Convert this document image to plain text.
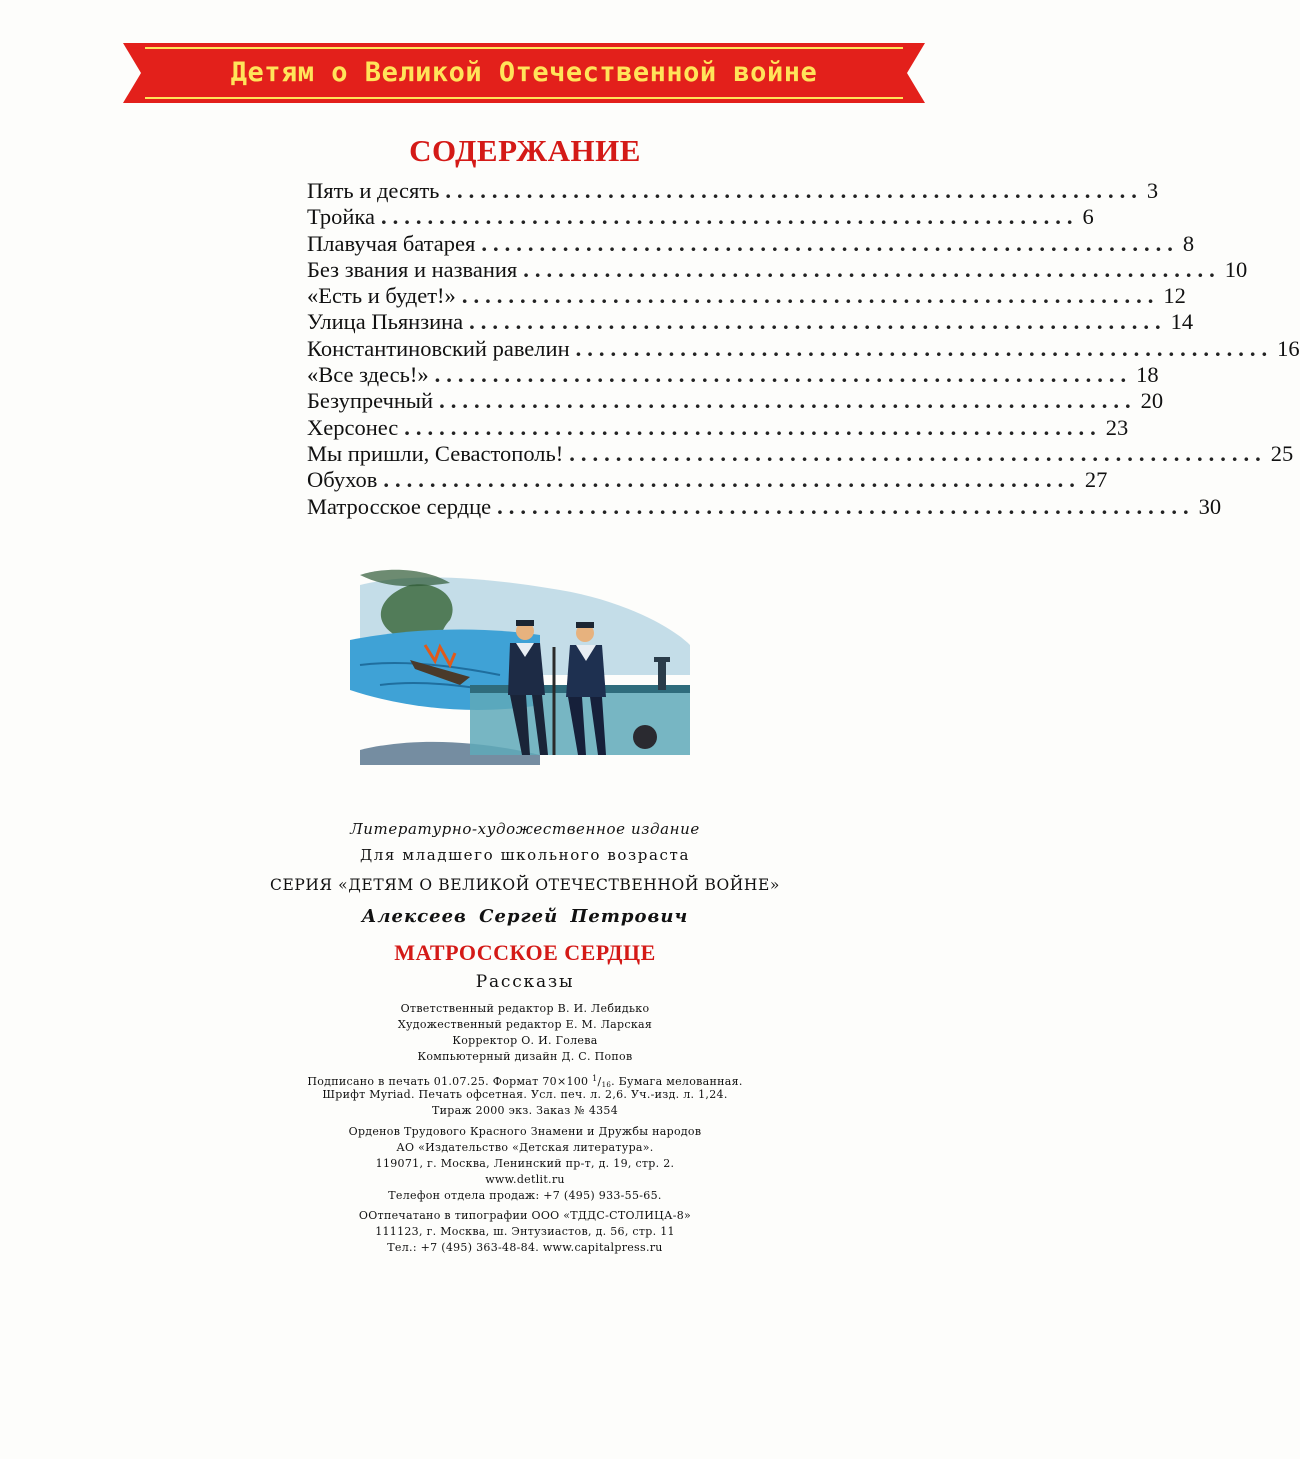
Детям о Великой Отечественной войне
СОДЕРЖАНИЕ
Пять и десять ............................................................ 3
Тройка ............................................................ 6
Плавучая батарея ............................................................ 8
Без звания и названия ............................................................ 10
«Есть и будет!» ............................................................ 12
Улица Пьянзина ............................................................ 14
Константиновский равелин ............................................................ 16
«Все здесь!» ............................................................ 18
Безупречный ............................................................ 20
Херсонес ............................................................ 23
Мы пришли, Севастополь! ............................................................ 25
Обухов ............................................................ 27
Матросское сердце ............................................................ 30
Литературно-художественное издание
Для младшего школьного возраста
СЕРИЯ «ДЕТЯМ О ВЕЛИКОЙ ОТЕЧЕСТВЕННОЙ ВОЙНЕ»
Алексеев Сергей Петрович
МАТРОССКОЕ СЕРДЦЕ
Рассказы
Ответственный редактор В. И. Лебидько
Художественный редактор Е. М. Ларская
Корректор О. И. Голева
Компьютерный дизайн Д. С. Попов
Подписано в печать 01.07.25. Формат 70×100 $^1/_{16}$. Бумага мелованная.
Шрифт Myriad. Печать офсетная. Усл. печ. л. 2,6. Уч.-изд. л. 1,24.
Тираж 2000 экз. Заказ № 4354
Орденов Трудового Красного Знамени и Дружбы народов
АО «Издательство «Детская литература».
119071, г. Москва, Ленинский пр-т, д. 19, стр. 2.
www.detlit.ru
Телефон отдела продаж: +7 (495) 933-55-65.
ООтпечатано в типографии ООО «ТДДС-СТОЛИЦА-8»
111123, г. Москва, ш. Энтузиастов, д. 56, стр. 11
Тел.: +7 (495) 363-48-84. www.capitalpress.ru
